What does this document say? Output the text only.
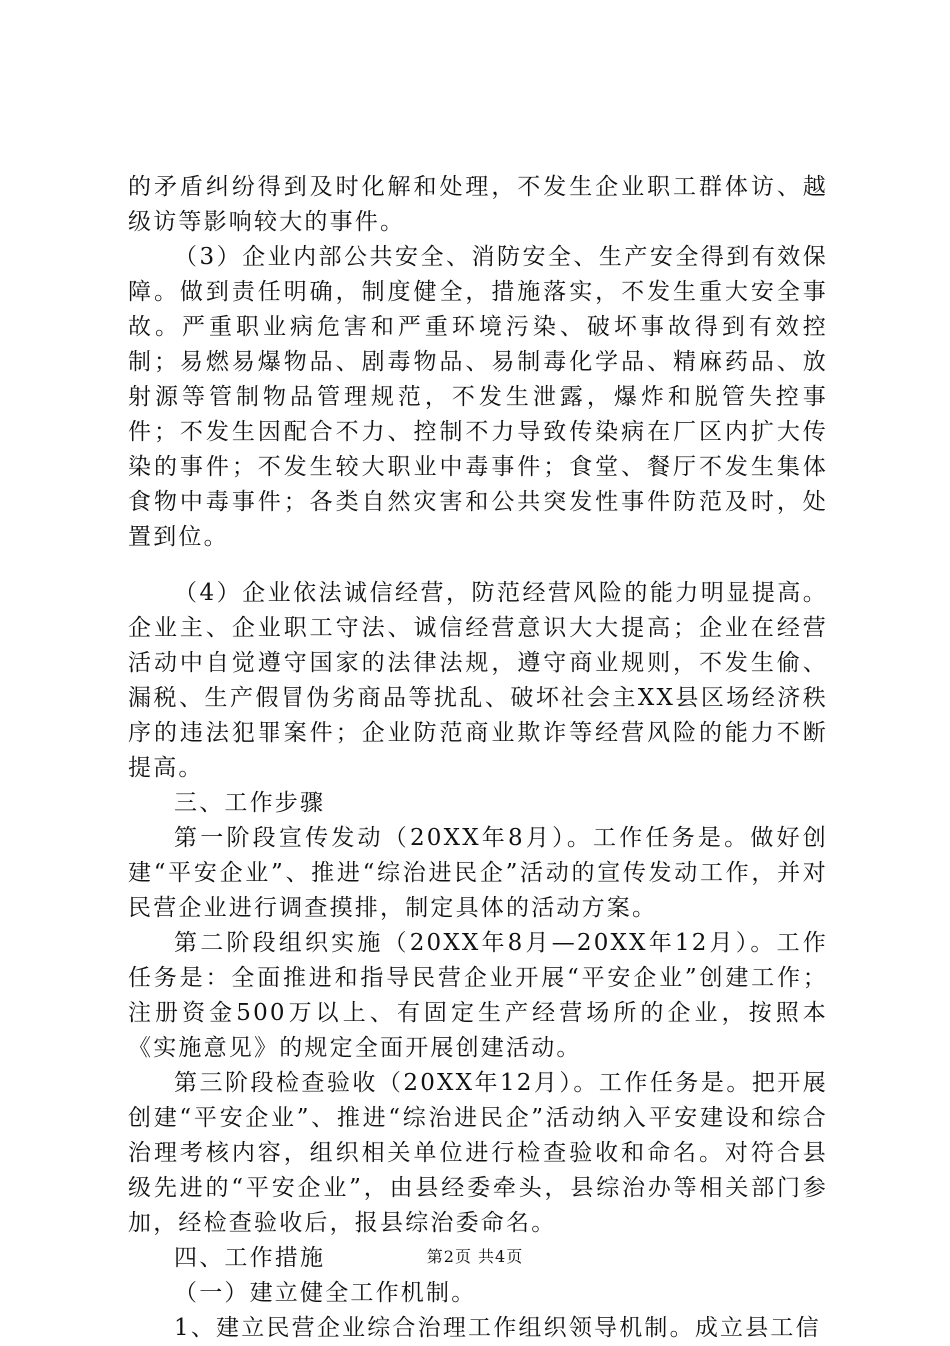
的矛盾纠纷得到及时化解和处理，不发生企业职工群体访、越级访等影响较大的事件。

（3）企业内部公共安全、消防安全、生产安全得到有效保障。做到责任明确，制度健全，措施落实，不发生重大安全事故。严重职业病危害和严重环境污染、破坏事故得到有效控制；易燃易爆物品、剧毒物品、易制毒化学品、精麻药品、放射源等管制物品管理规范，不发生泄露，爆炸和脱管失控事件；不发生因配合不力、控制不力导致传染病在厂区内扩大传染的事件；不发生较大职业中毒事件；食堂、餐厅不发生集体食物中毒事件；各类自然灾害和公共突发性事件防范及时，处置到位。

（4）企业依法诚信经营，防范经营风险的能力明显提高。企业主、企业职工守法、诚信经营意识大大提高；企业在经营活动中自觉遵守国家的法律法规，遵守商业规则，不发生偷、漏税、生产假冒伪劣商品等扰乱、破坏社会主XX县区场经济秩序的违法犯罪案件；企业防范商业欺诈等经营风险的能力不断提高。

三、工作步骤

第一阶段宣传发动（20XX年8月）。工作任务是。做好创建“平安企业”、推进“综治进民企”活动的宣传发动工作，并对民营企业进行调查摸排，制定具体的活动方案。

第二阶段组织实施（20XX年8月—20XX年12月）。工作任务是：全面推进和指导民营企业开展“平安企业”创建工作；注册资金500万以上、有固定生产经营场所的企业，按照本《实施意见》的规定全面开展创建活动。

第三阶段检查验收（20XX年12月）。工作任务是。把开展创建“平安企业”、推进“综治进民企”活动纳入平安建设和综合治理考核内容，组织相关单位进行检查验收和命名。对符合县级先进的“平安企业”，由县经委牵头，县综治办等相关部门参加，经检查验收后，报县综治委命名。

四、工作措施

（一）建立健全工作机制。

1、建立民营企业综合治理工作组织领导机制。成立县工信

第2页 共4页
